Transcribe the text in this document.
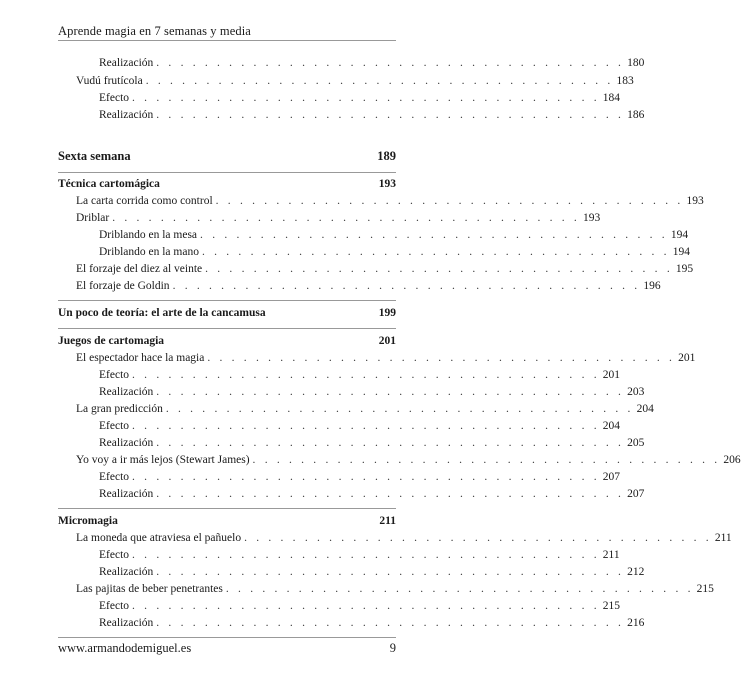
Aprende magia en 7 semanas y media
Realización . . . . . . . . . . . . . . . . . . . . . . . . . . . . . . . . . . . . . . . 180
Vudú frutícola . . . . . . . . . . . . . . . . . . . . . . . . . . . . . . . . . . . . . . . 183
Efecto . . . . . . . . . . . . . . . . . . . . . . . . . . . . . . . . . . . . . . . 184
Realización . . . . . . . . . . . . . . . . . . . . . . . . . . . . . . . . . . . . . . . 186
Sexta semana	189
Técnica cartomágica	193
La carta corrida como control . . . . . . . . . . . . . . . . . . . . . . . . . . . . . . . . . . . . . . . 193
Driblar . . . . . . . . . . . . . . . . . . . . . . . . . . . . . . . . . . . . . . . 193
Driblando en la mesa . . . . . . . . . . . . . . . . . . . . . . . . . . . . . . . . . . . . . . . 194
Driblando en la mano . . . . . . . . . . . . . . . . . . . . . . . . . . . . . . . . . . . . . . . 194
El forzaje del diez al veinte . . . . . . . . . . . . . . . . . . . . . . . . . . . . . . . . . . . . . . . 195
El forzaje de Goldin . . . . . . . . . . . . . . . . . . . . . . . . . . . . . . . . . . . . . . . 196
Un poco de teoría: el arte de la cancamusa	199
Juegos de cartomagia	201
El espectador hace la magia . . . . . . . . . . . . . . . . . . . . . . . . . . . . . . . . . . . . . . . 201
Efecto . . . . . . . . . . . . . . . . . . . . . . . . . . . . . . . . . . . . . . . 201
Realización . . . . . . . . . . . . . . . . . . . . . . . . . . . . . . . . . . . . . . . 203
La gran predicción . . . . . . . . . . . . . . . . . . . . . . . . . . . . . . . . . . . . . . . 204
Efecto . . . . . . . . . . . . . . . . . . . . . . . . . . . . . . . . . . . . . . . 204
Realización . . . . . . . . . . . . . . . . . . . . . . . . . . . . . . . . . . . . . . . 205
Yo voy a ir más lejos (Stewart James) . . . . . . . . . . . . . . . . . . . . . . . . . . . . . . . . . . . . . . . 206
Efecto . . . . . . . . . . . . . . . . . . . . . . . . . . . . . . . . . . . . . . . 207
Realización . . . . . . . . . . . . . . . . . . . . . . . . . . . . . . . . . . . . . . . 207
Micromagia	211
La moneda que atraviesa el pañuelo . . . . . . . . . . . . . . . . . . . . . . . . . . . . . . . . . . . . . . . 211
Efecto . . . . . . . . . . . . . . . . . . . . . . . . . . . . . . . . . . . . . . . 211
Realización . . . . . . . . . . . . . . . . . . . . . . . . . . . . . . . . . . . . . . . 212
Las pajitas de beber penetrantes . . . . . . . . . . . . . . . . . . . . . . . . . . . . . . . . . . . . . . . 215
Efecto . . . . . . . . . . . . . . . . . . . . . . . . . . . . . . . . . . . . . . . 215
Realización . . . . . . . . . . . . . . . . . . . . . . . . . . . . . . . . . . . . . . . 216
www.armandodemiguel.es	9
